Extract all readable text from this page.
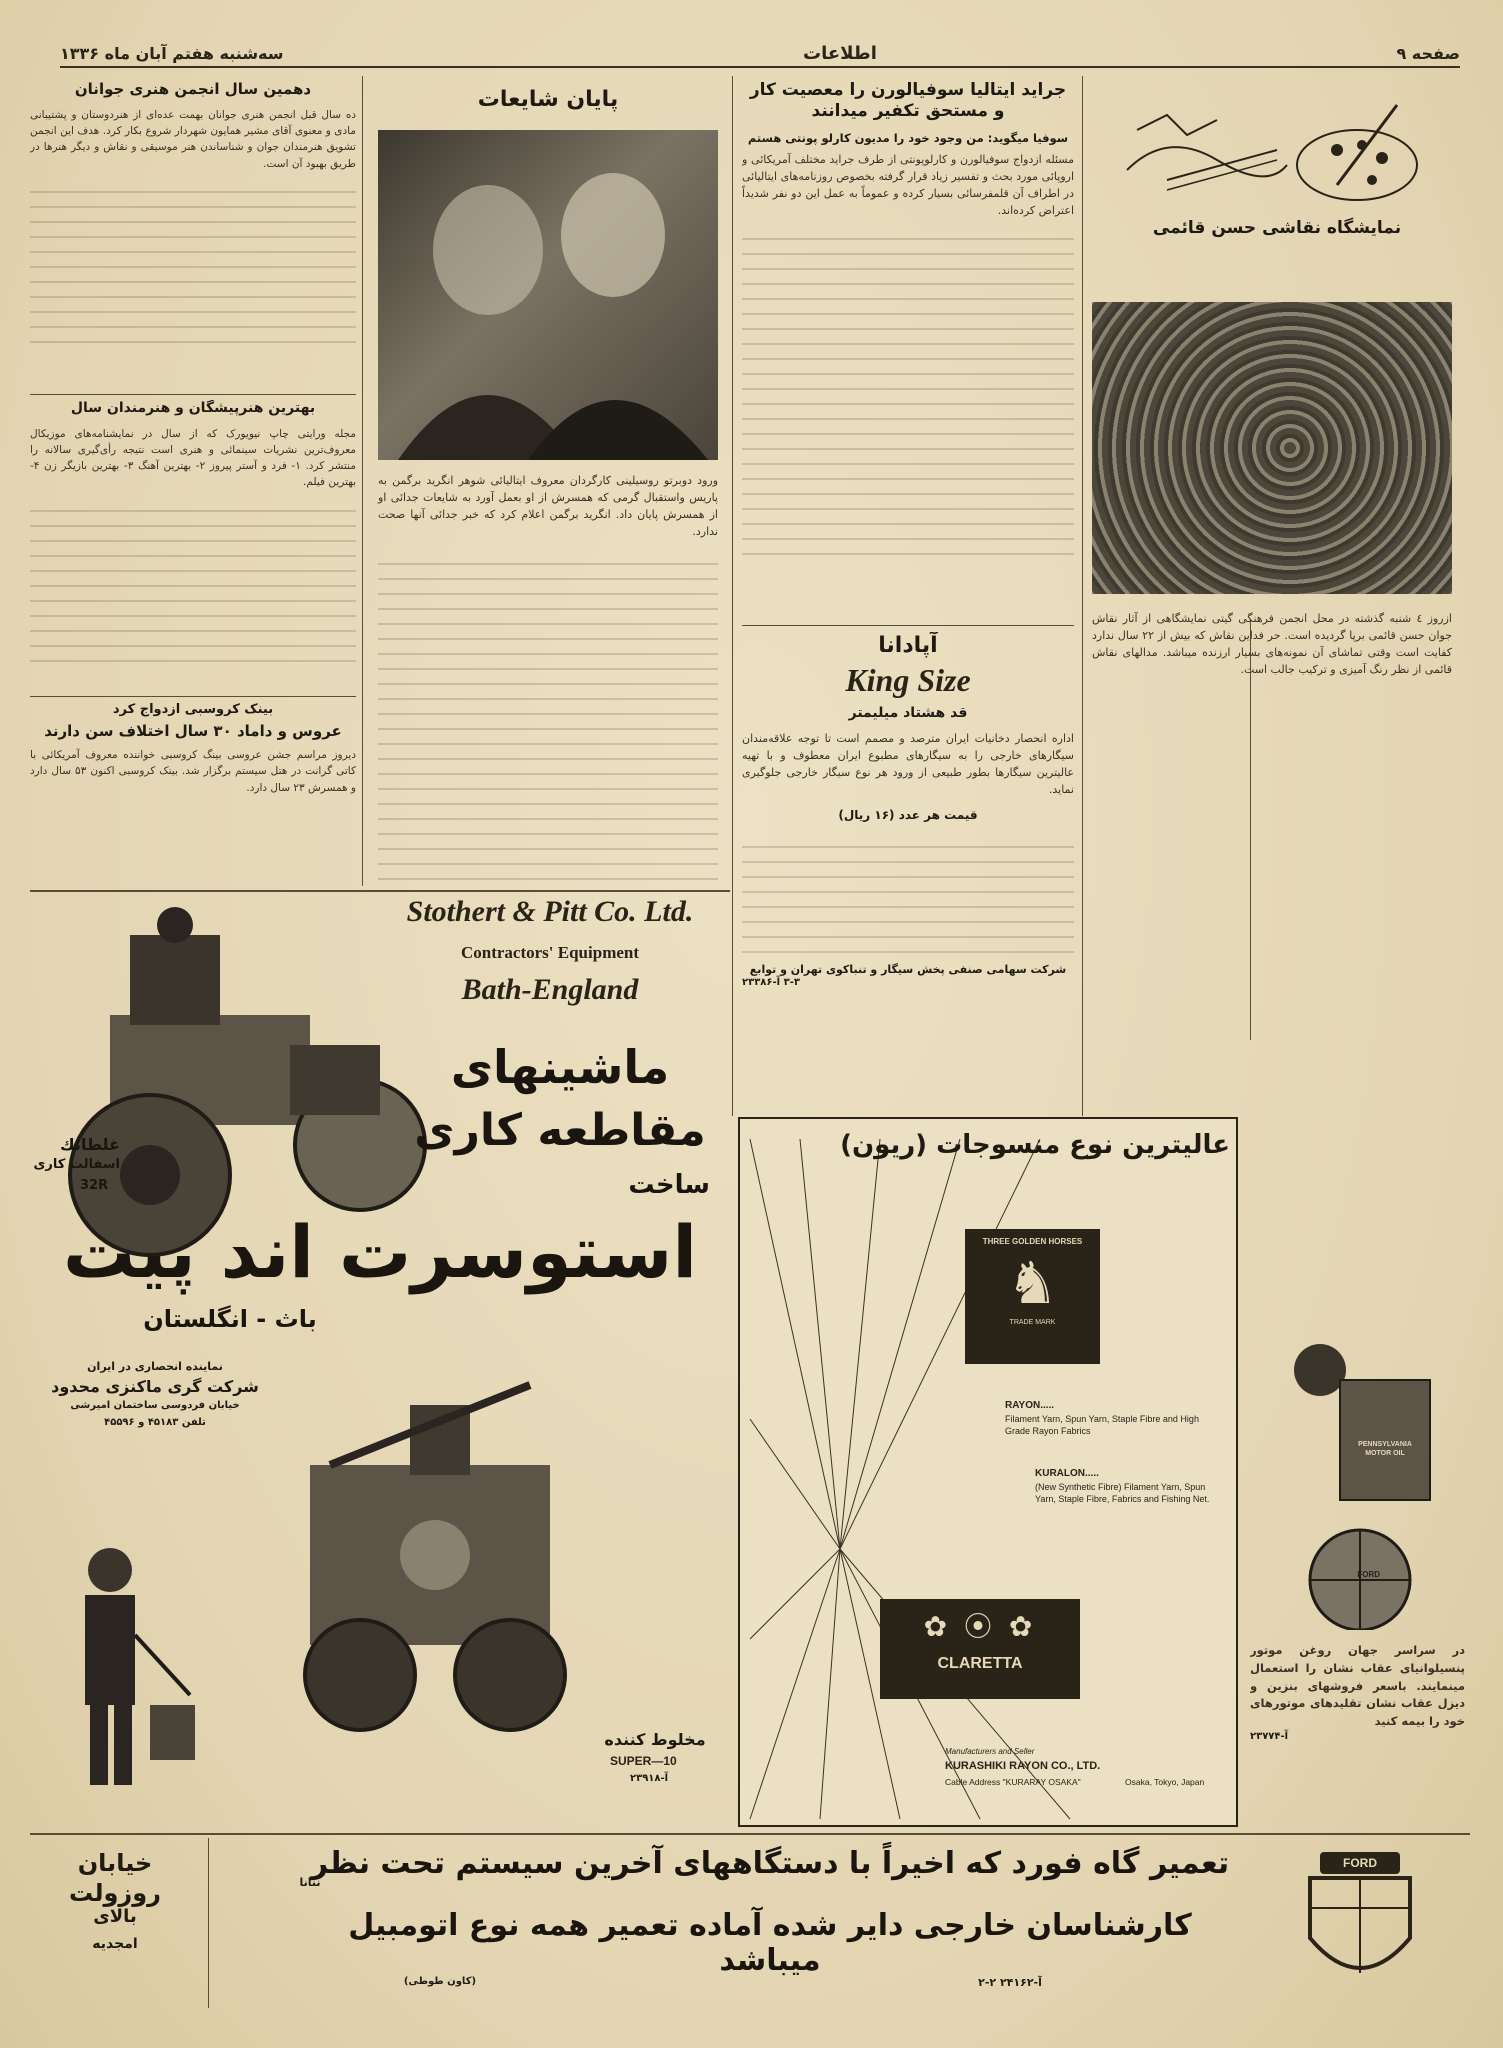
سه‌شنبه هفتم آبان ماه ۱۳۳۶	اطلاعات	صفحه ۹
نمایشگاه نقاشی حسن قائمی
ازروز ٤ شنبه گذشته در محل انجمن فرهنگی گیتی نمایشگاهی از آثار نقاش جوان حسن قائمی برپا گردیده است. حر فداین نقاش که بیش از ۲۲ سال ندارد کفایت است وقتی تماشای آن نمونه‌های بسیار ارزنده میباشد. مدالهای نقاش قائمی از نظر رنگ آمیزی و ترکیب جالب است.
جراید ایتالیا سوفیالورن را معصیت کار
و مستحق تکفیر میدانند
سوفیا میگوید: من وجود خود را مدیون کارلو پونتی هستم
مسئله ازدواج سوفیالورن و کارلوپونتی از طرف جراید مختلف آمریکائی و اروپائی مورد بحث و تفسیر زیاد قرار گرفته بخصوص روزنامه‌های ایتالیائی در اطراف آن قلمفرسائی بسیار کرده و عموماً به عمل این دو نفر شدیداً اعتراض کرده‌اند.
آپادانا
King Size
قد هشتاد میلیمتر
اداره انحصار دخانیات ایران مترصد و مصمم است تا توجه علاقه‌مندان سیگارهای خارجی را به سیگارهای مطبوع ایران معطوف و با تهیه عالیترین سیگارها بطور طبیعی از ورود هر نوع سیگار خارجی جلوگیری نماید.
قیمت هر عدد (۱۶ ریال)
شرکت سهامی صنفی پخش سیگار و تنباکوی تهران و توابع
۳-۳ آ-۲۳۳۸۶
پایان شایعات
ورود دوبرتو روسیلینی کارگردان معروف ایتالیائی شوهر انگرید برگمن به پاریس واستقبال گرمی که همسرش از او بعمل آورد به شایعات جدائی او از همسرش پایان داد. انگرید برگمن اعلام کرد که خبر جدائی آنها صحت ندارد.
دهمین سال انجمن هنری جوانان
ده سال قبل انجمن هنری جوانان بهمت عده‌ای از هنردوستان و پشتیبانی مادی و معنوی آقای مشیر همایون شهردار شروع بکار کرد. هدف این انجمن تشویق هنرمندان جوان و شناساندن هنر موسیقی و نقاش و دیگر هنرها در طریق بهبود آن است.
بهترین هنرپیشگان و هنرمندان سال
مجله ورایتی چاپ نیویورک که از سال در نمایشنامه‌های موزیکال معروف‌ترین نشریات سینمائی و هنری است نتیجه رأی‌گیری سالانه را منتشر کرد. ۱- فرد و آستر پیروز ۲- بهترین آهنگ ۳- بهترین بازیگر زن ۴- بهترین فیلم.
بینک کروسبی ازدواج کرد
عروس و داماد ۳۰ سال اختلاف سن دارند
دیروز مراسم جشن عروسی بینگ کروسبی خواننده معروف آمریکائی با کاتی گرانت در هتل سیستم برگزار شد. بینک کروسبی اکنون ۵۳ سال دارد و همسرش ۲۳ سال دارد.
Stothert & Pitt Co. Ltd.
Contractors' Equipment
Bath-England
ماشینهای
مقاطعه کاری
ساخت
غلطانك
اسفالت کاری
32R
استوسرت اند پیت
باث - انگلستان
نماینده انحصاری در ایران
شرکت گری ماکنزی محدود
خیابان فردوسی ساختمان امیرشی
تلفن ۴۵۱۸۳ و ۴۵۵۹۶
مخلوط کننده
SUPER—10
آ-۲۳۹۱۸
عالیترین نوع منسوجات (ریون)
THREE GOLDEN HORSES
♞
TRADE MARK
RAYON.....
Filament Yarn, Spun Yarn, Staple Fibre and High Grade Rayon Fabrics
KURALON.....
(New Synthetic Fibre) Filament Yarn, Spun Yarn, Staple Fibre, Fabrics and Fishing Net.
✿ ⦿ ✿
CLARETTA
Manufacturers and Seller
KURASHIKI RAYON CO., LTD.
Cable Address "KURARAY OSAKA"	Osaka, Tokyo, Japan
PENNSYLVANIA MOTOR OIL
FORD
در سراسر جهان روغن موتور پنسیلوانیای عقاب نشان را استعمال مینمایند. باسعر فروشهای بنزین و دیزل عقاب نشان تقلید‌های موتورهای خود را بیمه کنید
آ-۲۳۷۷۴
خیابان روزولت
بالای
امجدیه
ننانا
تعمیر گاه فورد که اخیراً با دستگاههای آخرین سیستم تحت نظر
کارشناسان خارجی دایر شده آماده تعمیر همه نوع اتومبیل میباشد
(کاون طوطی)	آ-۲۴۱۶۲ ۲-۲
FORD
